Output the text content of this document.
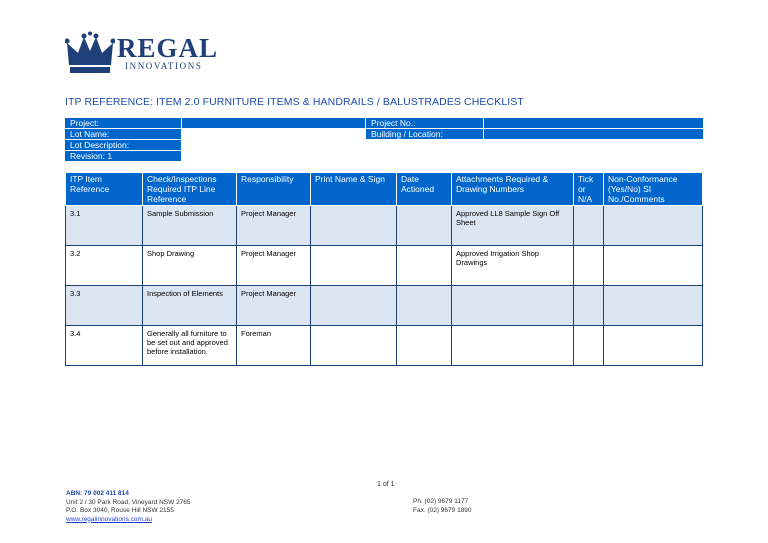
REGAL
INNOVATIONS
ITP REFERENCE: ITEM 2.0 FURNITURE ITEMS & HANDRAILS / BALUSTRADES CHECKLIST
Project:	Project No.:
Lot Name:	Building / Location:
Lot Description:
Revision: 1
ITP Item Reference	Check/Inspections Required ITP Line Reference	Responsibility	Print Name & Sign	Date Actioned	Attachments Required & Drawing Numbers	Tick or N/A	Non-Conformance (Yes/No) SI No./Comments
3.1	Sample Submission	Project Manager			Approved LL8 Sample Sign Off Sheet		
3.2	Shop Drawing	Project Manager			Approved Irrigation Shop Drawings		
3.3	Inspection of Elements	Project Manager					
3.4	Generally all furniture to be set out and approved before installation.	Foreman					
1 of 1
ABN: 79 002 411 814
Unit 2 / 30 Park Road, Vineyard NSW 2765
P.O. Box 3040, Rouse Hill NSW 2155
www.regalinnovations.com.au
Ph. (02) 9679 1177
Fax. (02) 9679 1890
